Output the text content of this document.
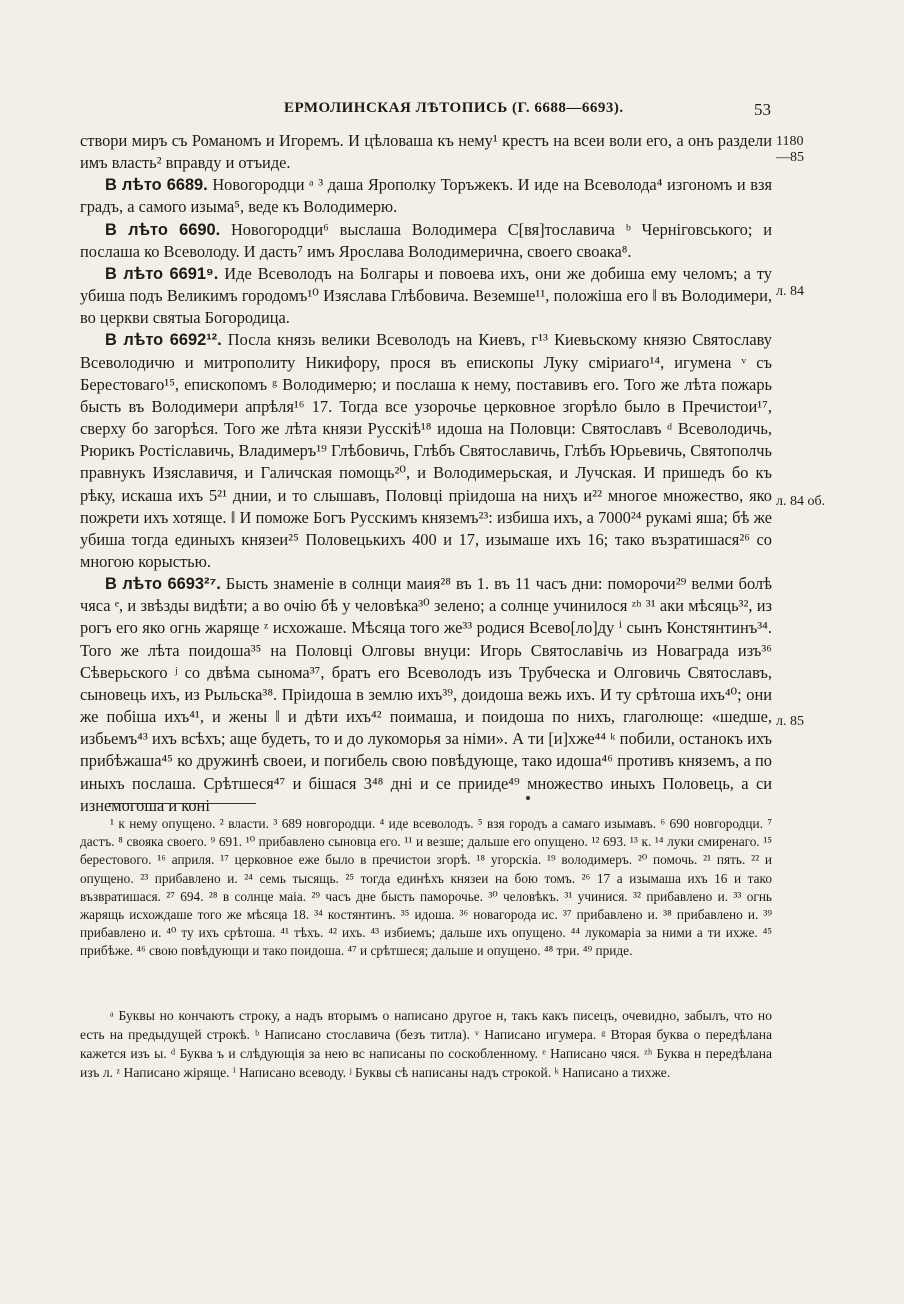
ЕРМОЛИНСКАЯ ЛѢТОПИСЬ (Г. 6688—6693).	53

створи миръ съ Романомъ и Игоремъ. И цѣловаша къ нему¹ крестъ на всеи воли его, а онъ раздели имъ власть² вправду и отъиде.

В лѣто 6689. Новогородци ᵃ ³ даша Ярополку Торъжекъ. И иде на Всеволода⁴ изгономъ и взя градъ, а самого изыма⁵, веде къ Володимерю.

В лѣто 6690. Новогородци⁶ выслаша Володимера С[вя]тославича ᵇ Черніговського; и послаша ко Всеволоду. И дасть⁷ имъ Ярослава Володимерична, своего своака⁸.

В лѣто 6691⁹. Иде Всеволодъ на Болгары и повоева ихъ, они же добиша ему челомъ; а ту убиша подъ Великимъ городомъ¹⁰ Изяслава Глѣбовича. Веземше¹¹, положіша его ‖ въ Володимери, во церкви святыа Богородица.

В лѣто 6692¹². Посла князь велики Всеволодъ на Киевъ, г¹³ Киевьскому князю Святославу Всеволодичю и митрополиту Никифору, прося въ епископы Луку сміриаго¹⁴, игумена ᵛ съ Берестоваго¹⁵, епископомъ ᵍ Володимерю; и послаша к нему, поставивъ его. Того же лѣта пожарь бысть въ Володимери апрѣля¹⁶ 17. Тогда все узорочье церковное згорѣло было в Пречистои¹⁷, сверху бо загорѣся. Того же лѣта князи Русскіѣ¹⁸ идоша на Половци: Святославъ ᵈ Всеволодичь, Рюрикъ Ростіславичь, Владимеръ¹⁹ Глѣбовичь, Глѣбъ Святославичь, Глѣбъ Юрьевичь, Святополчь правнукъ Изяславичя, и Галичская помощь²⁰, и Володимерьская, и Лучская. И пришедъ бо къ рѣку, искаша ихъ 5²¹ днии, и то слышавъ, Половці пріидоша на ниҳъ и²² многое множество, яко пожрети ихъ хотяще. ‖ И поможе Богъ Русскимъ княземъ²³: избиша ихъ, а 7000²⁴ рукамі яша; бѣ же убиша тогда единыхъ князеи²⁵ Половецькихъ 400 и 17, изымаше ихъ 16; тако възратишася²⁶ со многою корыстью.

В лѣто 6693²⁷. Бысть знаменіе в солнци маия²⁸ въ 1. въ 11 часъ дни: поморочи²⁹ велми болѣ чяса ᵉ, и звѣзды видѣти; а во очію бѣ у человѣка³⁰ зелено; а солнце учинилося ᶻʰ ³¹ аки мѣсяць³², из рогъ его яко огнь жаряще ᶻ исхожаше. Мѣсяца того же³³ родися Всево[ло]ду ⁱ сынъ Констянтинъ³⁴. Того же лѣта поидоша³⁵ на Половці Олговы внуци: Игорь Святославічь из Новаграда изъ³⁶ Сѣверьского ʲ со двѣма сынома³⁷, братъ его Всеволодъ изъ Трубческа и Олговичь Святославъ, сыновець ихъ, из Рыльска³⁸. Пріидоша в землю ихъ³⁹, доидоша вежь ихъ. И ту срѣтоша ихъ⁴⁰; они же побіша ихъ⁴¹, и жены ‖ и дѣти ихъ⁴² поимаша, и поидоша по нихъ, глаголюще: «шедше, избьемъ⁴³ ихъ всѣхъ; аще будеть, то и до лукоморья за німи». А ти [и]хже⁴⁴ ᵏ побили, останокъ ихъ прибѣжаша⁴⁵ ко дружинѣ своеи, и погибель свою повѣдующе, тако идоша⁴⁶ противъ княземъ, а по иныхъ послаша. Срѣтшеся⁴⁷ и бішася 3⁴⁸ дні и се прииде⁴⁹ множество иныхъ Половець, а си изнемогоша и коні

1180
—85
л. 84
л. 84 об.
л. 85
¹ к нему опущено. ² власти. ³ 689 новгородци. ⁴ иде всеволодъ. ⁵ взя городъ а самаго изымавъ. ⁶ 690 новгородци. ⁷ дастъ. ⁸ своякa своего. ⁹ 691. ¹⁰ прибавлено сыновца его. ¹¹ и везше; дальше его опущено. ¹² 693. ¹³ к. ¹⁴ луки смиренаго. ¹⁵ берестового. ¹⁶ априля. ¹⁷ церковное еже было в пречистои згорѣ. ¹⁸ угорскіа. ¹⁹ володимеръ. ²⁰ помочь. ²¹ пять. ²² и опущено. ²³ прибавлено и. ²⁴ семь тысящь. ²⁵ тогда единѣхъ князеи на бою томъ. ²⁶ 17 а изымаша ихъ 16 и тако възвратишася. ²⁷ 694. ²⁸ в солнце маіа. ²⁹ часъ дне бысть паморочье. ³⁰ человѣкъ. ³¹ учинися. ³² прибавлено и. ³³ огнь жарящь исхождаше того же мѣсяца 18. ³⁴ костянтинъ. ³⁵ идоша. ³⁶ новагорода ис. ³⁷ прибавлено и. ³⁸ прибавлено и. ³⁹ прибавлено и. ⁴⁰ ту ихъ срѣтоша. ⁴¹ тѣхъ. ⁴² ихъ. ⁴³ избиемъ; дальше ихъ опущено. ⁴⁴ лукомаріа за ними а ти ихже. ⁴⁵ прибѣже. ⁴⁶ свою повѣдующи и тако поидоша. ⁴⁷ и срѣтшеся; дальше и опущено. ⁴⁸ три. ⁴⁹ приде.
ᵃ Буквы но кончаютъ строку, а надъ вторымъ о написано другое н, такъ какъ писецъ, очевидно, забылъ, что но есть на предыдущей строкѣ. ᵇ Написано стославича (безъ титла). ᵛ Написано игумера. ᵍ Вторая буква о передѣлана кажется изъ ы. ᵈ Буква ъ и слѣдующія за нею вс написаны по соскобленному. ᵉ Написано чяся. ᶻʰ Буква н передѣлана изъ л. ᶻ Написано жіряще. ⁱ Написано всеводу. ʲ Буквы сѣ написаны надъ строкой. ᵏ Написано а тихже.
